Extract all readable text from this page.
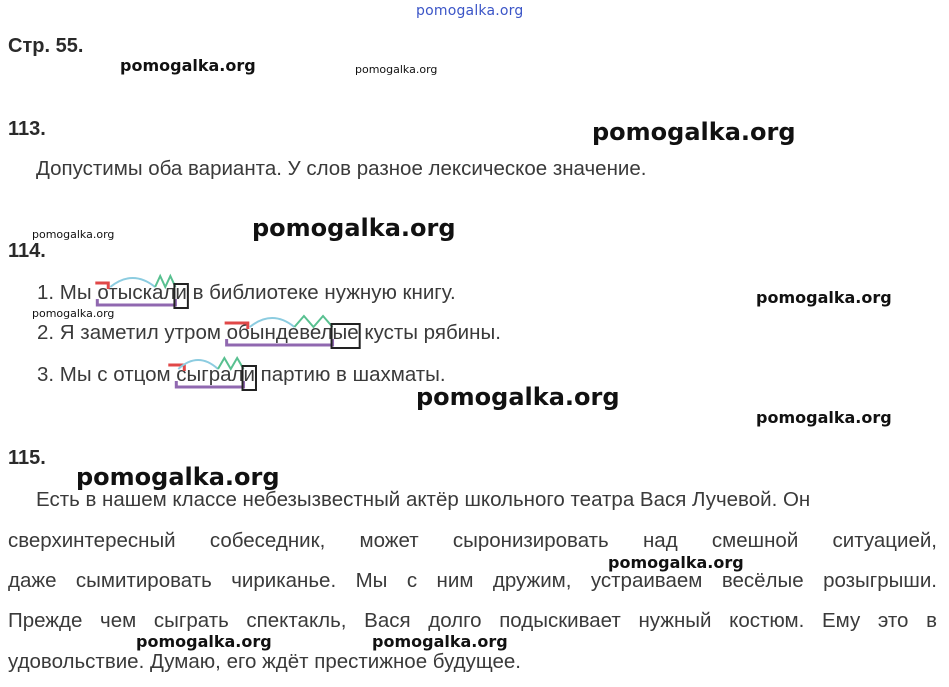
pomogalka.org
Стр. 55.
113.
Допустимы оба варианта. У слов разное лексическое значение.
114.
1. Мы отыскали в библиотеке нужную книгу.
2. Я заметил утром обындевелые кусты рябины.
3. Мы с отцом сыграли партию в шахматы.
115.
Есть в нашем классе небезызвестный актёр школьного театра Вася Лучевой. Он
сверхинтересный собеседник, может сыронизировать над смешной ситуацией,
даже сымитировать чириканье. Мы с ним дружим, устраиваем весёлые розыгрыши.
Прежде чем сыграть спектакль, Вася долго подыскивает нужный костюм. Ему это в
удовольствие. Думаю, его ждёт престижное будущее.
pomogalka.org	pomogalka.org
pomogalka.org
pomogalka.org	pomogalka.org
pomogalka.org
pomogalka.org
pomogalka.org
pomogalka.org
pomogalka.org
pomogalka.org
pomogalka.org	pomogalka.org
